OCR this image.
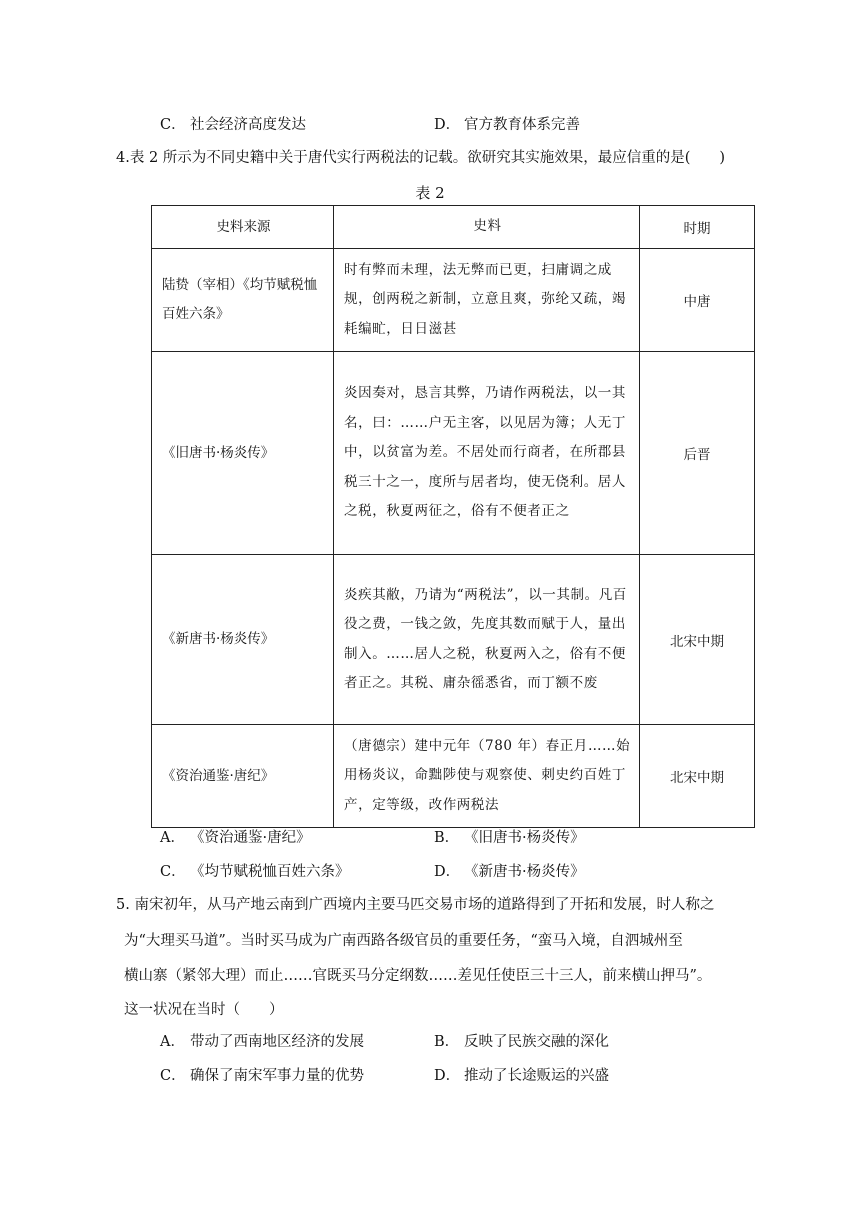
C． 社会经济高度发达	D． 官方教育体系完善
4.表 2 所示为不同史籍中关于唐代实行两税法的记载。欲研究其实施效果，最应信重的是(　　)
表 2
史料来源	史料	时期
陆贽（宰相）《均节赋税恤百姓六条》	时有弊而未理，法无弊而已更，扫庸调之成规，创两税之新制，立意且爽，弥纶又疏，竭耗编甿，日日滋甚	中唐
《旧唐书·杨炎传》	炎因奏对，恳言其弊，乃请作两税法，以一其名，曰：……户无主客，以见居为簿；人无丁中，以贫富为差。不居处而行商者，在所郡县税三十之一，度所与居者均，使无侥利。居人之税，秋夏两征之，俗有不便者正之	后晋
《新唐书·杨炎传》	炎疾其敝，乃请为“两税法”，以一其制。凡百役之费，一钱之敛，先度其数而赋于人，量出制入。……居人之税，秋夏两入之，俗有不便者正之。其税、庸杂徭悉省，而丁额不废	北宋中期
《资治通鉴·唐纪》	（唐德宗）建中元年（780 年）春正月……始用杨炎议，命黜陟使与观察使、刺史约百姓丁产，定等级，改作两税法	北宋中期
A． 《资治通鉴·唐纪》	B． 《旧唐书·杨炎传》
C． 《均节赋税恤百姓六条》	D． 《新唐书·杨炎传》
5. 南宋初年，从马产地云南到广西境内主要马匹交易市场的道路得到了开拓和发展，时人称之
为“大理买马道”。当时买马成为广南西路各级官员的重要任务，“蛮马入境，自泗城州至
横山寨（紧邻大理）而止……官既买马分定纲数……差见任使臣三十三人，前来横山押马”。
这一状况在当时（　　）
A． 带动了西南地区经济的发展	B． 反映了民族交融的深化
C． 确保了南宋军事力量的优势	D． 推动了长途贩运的兴盛
